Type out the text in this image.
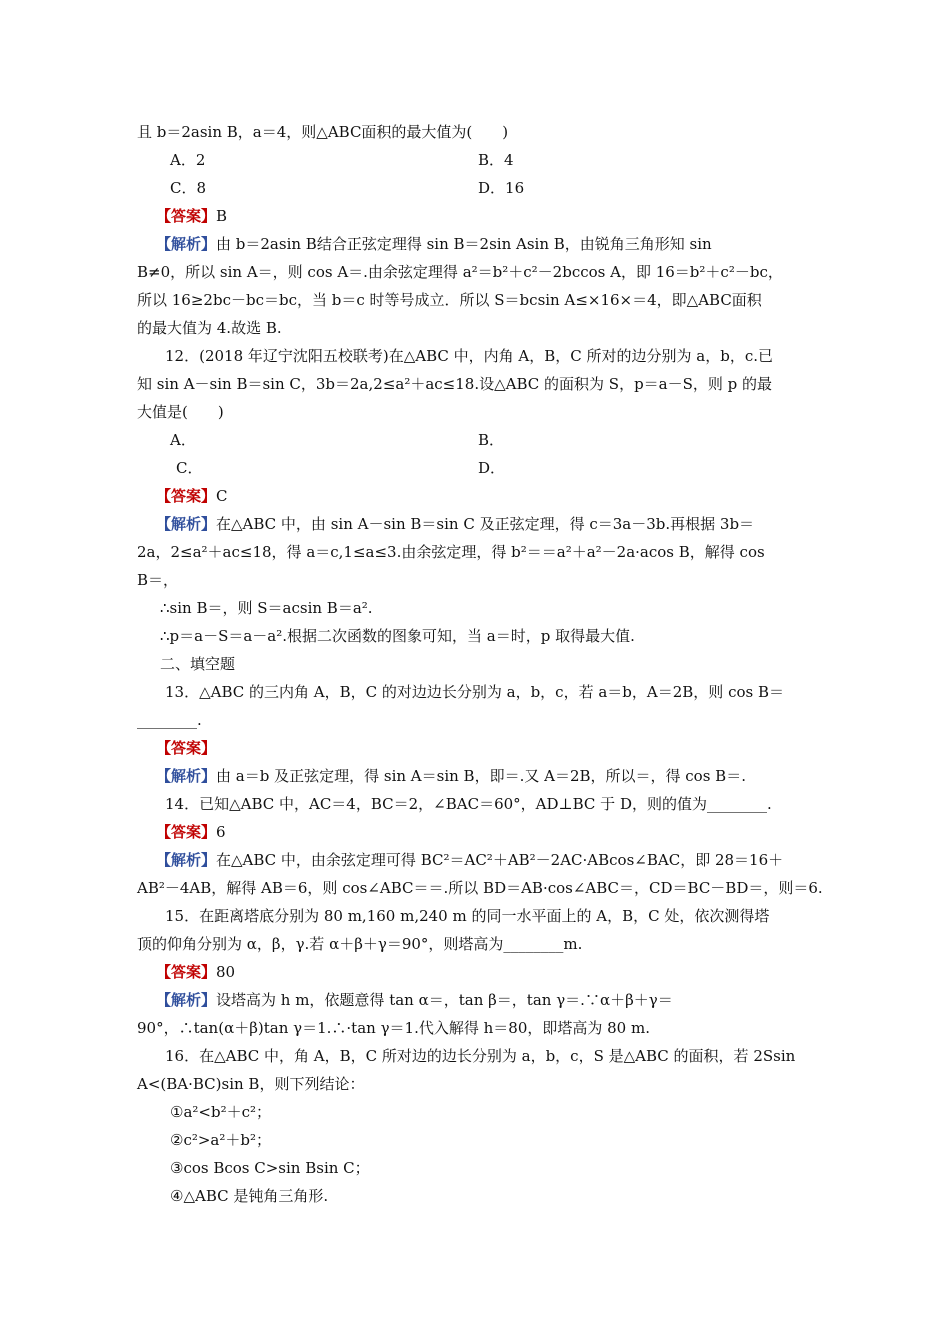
且 b＝2asin B，a＝4，则△ABC面积的最大值为(　　)
A．2	B．4
C．8	D．16
【答案】B
【解析】由 b＝2asin B结合正弦定理得 sin B＝2sin Asin B，由锐角三角形知 sin
B≠0，所以 sin A＝，则 cos A＝.由余弦定理得 a²＝b²＋c²－2bccos A，即 16＝b²＋c²－bc，
所以 16≥2bc－bc＝bc，当 b＝c 时等号成立．所以 S＝bcsin A≤×16×＝4，即△ABC面积
的最大值为 4.故选 B.
12．(2018 年辽宁沈阳五校联考)在△ABC 中，内角 A，B，C 所对的边分别为 a，b，c.已
知 sin A－sin B＝sin C，3b＝2a,2≤a²＋ac≤18.设△ABC 的面积为 S，p＝a－S，则 p 的最
大值是(　　)
A．	B．
C．	D．
【答案】C
【解析】在△ABC 中，由 sin A－sin B＝sin C 及正弦定理，得 c＝3a－3b.再根据 3b＝
2a，2≤a²＋ac≤18，得 a＝c,1≤a≤3.由余弦定理，得 b²＝＝a²＋a²－2a·acos B，解得 cos
B＝，
∴sin B＝，则 S＝acsin B＝a².
∴p＝a－S＝a－a².根据二次函数的图象可知，当 a＝时，p 取得最大值.
二、填空题
13．△ABC 的三内角 A，B，C 的对边边长分别为 a，b，c，若 a＝b，A＝2B，则 cos B＝
________.
【答案】
【解析】由 a＝b 及正弦定理，得 sin A＝sin B，即＝.又 A＝2B，所以＝，得 cos B＝.
14．已知△ABC 中，AC＝4，BC＝2，∠BAC＝60°，AD⊥BC 于 D，则的值为________.
【答案】6
【解析】在△ABC 中，由余弦定理可得 BC²＝AC²＋AB²－2AC·ABcos∠BAC，即 28＝16＋
AB²－4AB，解得 AB＝6，则 cos∠ABC＝＝.所以 BD＝AB·cos∠ABC＝，CD＝BC－BD＝，则＝6.
15．在距离塔底分别为 80 m,160 m,240 m 的同一水平面上的 A，B，C 处，依次测得塔
顶的仰角分别为 α，β，γ.若 α＋β＋γ＝90°，则塔高为________m.
【答案】80
【解析】设塔高为 h m，依题意得 tan α＝，tan β＝，tan γ＝.∵α＋β＋γ＝
90°，∴tan(α＋β)tan γ＝1.∴·tan γ＝1.代入解得 h＝80，即塔高为 80 m.
16．在△ABC 中，角 A，B，C 所对边的边长分别为 a，b，c，S 是△ABC 的面积，若 2Ssin
A<(BA·BC)sin B，则下列结论：
①a²<b²＋c²；
②c²>a²＋b²；
③cos Bcos C>sin Bsin C；
④△ABC 是钝角三角形.
